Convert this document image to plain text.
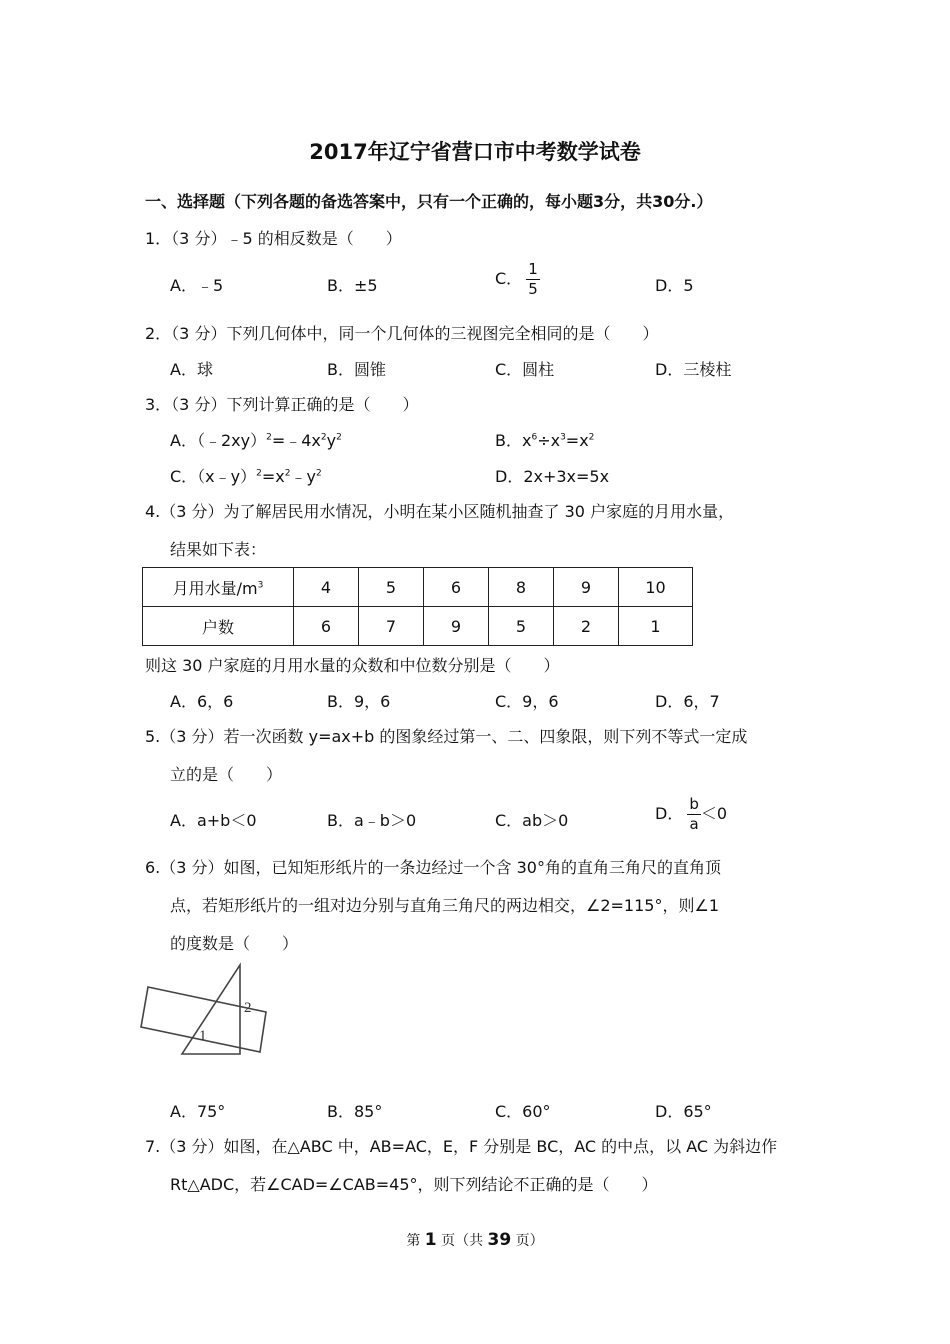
2017年辽宁省营口市中考数学试卷
一、选择题（下列各题的备选答案中，只有一个正确的，每小题3分，共30分.）
1．（3 分）﹣5 的相反数是（　　）
A．﹣5	B．±5	C． $\frac{1}{5}$	D．5
2．（3 分）下列几何体中，同一个几何体的三视图完全相同的是（　　）
A．球	B．圆锥	C．圆柱	D．三棱柱
3．（3 分）下列计算正确的是（　　）
A．$(﹣2xy)^2=﹣4x^2y^2$	B．$x^6\div x^3=x^2$
C．$(x﹣y)^2=x^2﹣y^2$	D．2x+3x=5x
4.（3 分）为了解居民用水情况，小明在某小区随机抽查了 30 户家庭的月用水量，
结果如下表：
月用水量$/m^3$	4	5	6	8	9	10
户数	6	7	9	5	2	1
则这 30 户家庭的月用水量的众数和中位数分别是（　　）
A．6，6	B．9，6	C．9，6	D．6，7
5.（3 分）若一次函数 y=ax+b 的图象经过第一、二、四象限，则下列不等式一定成
立的是（　　）
A．a+b＜0	B．a﹣b＞0	C．ab＞0	D． $\frac{b}{a} <0$
6.（3 分）如图，已知矩形纸片的一条边经过一个含 30°角的直角三角尺的直角顶
点，若矩形纸片的一组对边分别与直角三角尺的两边相交，∠2=115°，则∠1
的度数是（　　）
1
2
A．75°	B．85°	C．60°	D．65°
7.（3 分）如图，在△ABC 中，AB=AC，E，F 分别是 BC，AC 的中点，以 AC 为斜边作
Rt△ADC，若∠CAD=∠CAB=45°，则下列结论不正确的是（　　）
第 1 页（共 39 页）
